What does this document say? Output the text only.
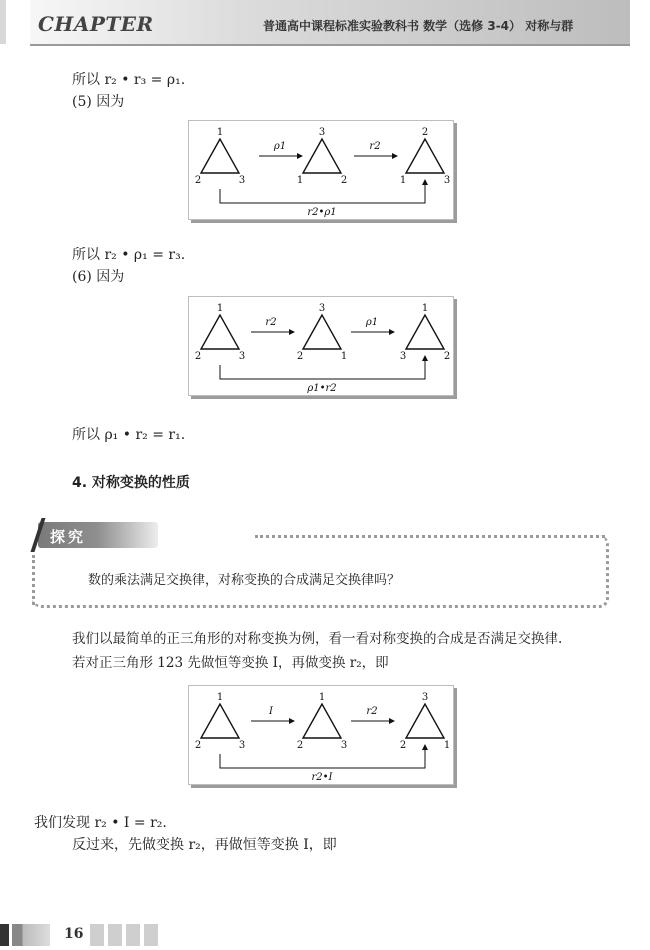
CHAPTER	普通高中课程标准实验教科书 数学（选修 3-4） 对称与群
所以 r₂ • r₃ = ρ₁.
(5) 因为
1
2	3
ρ1
3
1	2
r2
2
1	3
r2•ρ1
所以 r₂ • ρ₁ = r₃.
(6) 因为
1
2	3
r2
3
2	1
ρ1
1
3	2
ρ1•r2
所以 ρ₁ • r₂ = r₁.
4. 对称变换的性质
探究
数的乘法满足交换律，对称变换的合成满足交换律吗？
我们以最简单的正三角形的对称变换为例，看一看对称变换的合成是否满足交换律.
若对正三角形 123 先做恒等变换 I，再做变换 r₂，即
1
2	3
I
1
2	3
r2
3
2	1
r2•I
我们发现 r₂ • I = r₂.
反过来，先做变换 r₂，再做恒等变换 I，即
16
